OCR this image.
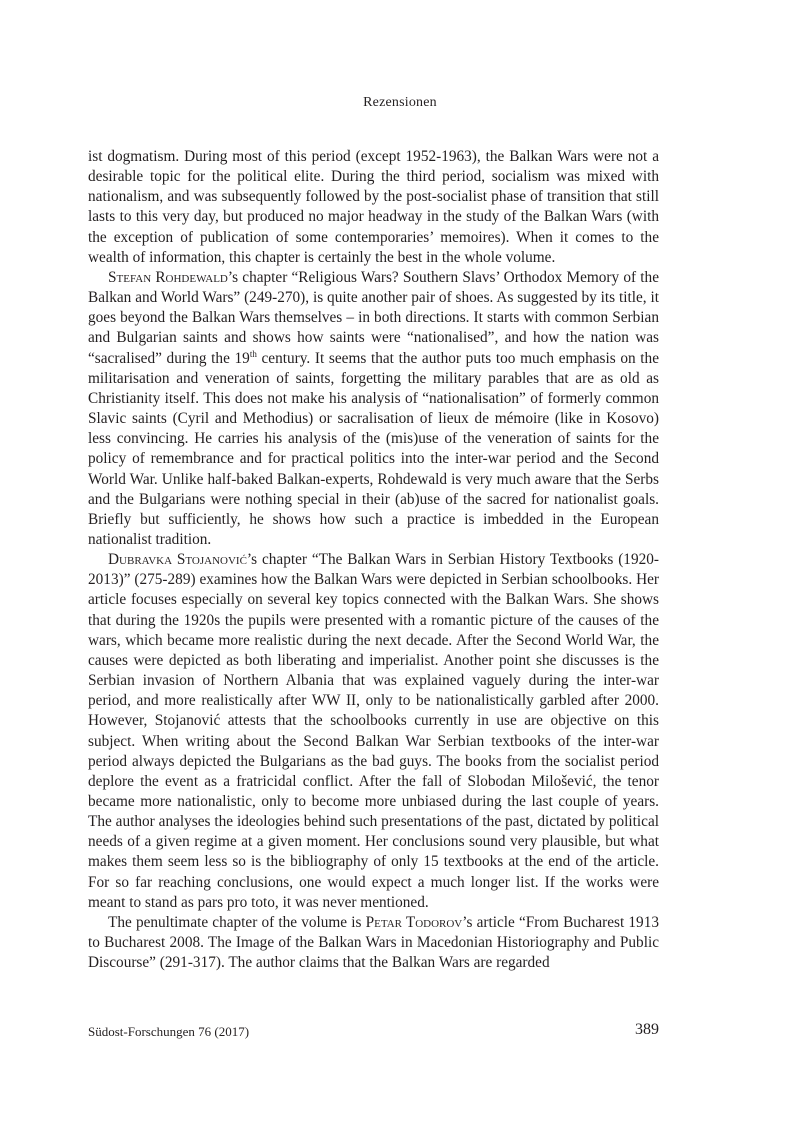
Rezensionen

ist dogmatism. During most of this period (except 1952-1963), the Balkan Wars were not a desirable topic for the political elite. During the third period, socialism was mixed with nationalism, and was subsequently followed by the post-socialist phase of transition that still lasts to this very day, but produced no major headway in the study of the Balkan Wars (with the exception of publication of some contemporaries’ memoires). When it comes to the wealth of information, this chapter is certainly the best in the whole volume.

Stefan Rohdewald’s chapter “Religious Wars? Southern Slavs’ Orthodox Memory of the Balkan and World Wars” (249-270), is quite another pair of shoes. As suggested by its title, it goes beyond the Balkan Wars themselves – in both directions. It starts with common Serbian and Bulgarian saints and shows how saints were “nationalised”, and how the nation was “sacralised” during the 19th century. It seems that the author puts too much emphasis on the militarisation and veneration of saints, forgetting the military parables that are as old as Christianity itself. This does not make his analysis of “nationalisation” of formerly common Slavic saints (Cyril and Methodius) or sacralisation of lieux de mémoire (like in Kosovo) less convincing. He carries his analysis of the (mis)use of the veneration of saints for the policy of remembrance and for practical politics into the inter-war period and the Second World War. Unlike half-baked Balkan-experts, Rohdewald is very much aware that the Serbs and the Bulgarians were nothing special in their (ab)use of the sacred for nationalist goals. Briefly but sufficiently, he shows how such a practice is imbedded in the European nationalist tradition.

Dubravka Stojanović’s chapter “The Balkan Wars in Serbian History Textbooks (1920-2013)” (275-289) examines how the Balkan Wars were depicted in Serbian schoolbooks. Her article focuses especially on several key topics connected with the Balkan Wars. She shows that during the 1920s the pupils were presented with a romantic picture of the causes of the wars, which became more realistic during the next decade. After the Second World War, the causes were depicted as both liberating and imperialist. Another point she discusses is the Serbian invasion of Northern Albania that was explained vaguely during the inter-war period, and more realistically after WW II, only to be nationalistically garbled after 2000. However, Stojanović attests that the schoolbooks currently in use are objective on this subject. When writing about the Second Balkan War Serbian textbooks of the inter-war period always depicted the Bulgarians as the bad guys. The books from the socialist period deplore the event as a fratricidal conflict. After the fall of Slobodan Milošević, the tenor became more nationalistic, only to become more unbiased during the last couple of years. The author analyses the ideologies behind such presentations of the past, dictated by political needs of a given regime at a given moment. Her conclusions sound very plausible, but what makes them seem less so is the bibliography of only 15 textbooks at the end of the article. For so far reaching conclusions, one would expect a much longer list. If the works were meant to stand as pars pro toto, it was never mentioned.

The penultimate chapter of the volume is Petar Todorov’s article “From Bucharest 1913 to Bucharest 2008. The Image of the Balkan Wars in Macedonian Historiography and Public Discourse” (291-317). The author claims that the Balkan Wars are regarded

Südost-Forschungen 76 (2017)	389
